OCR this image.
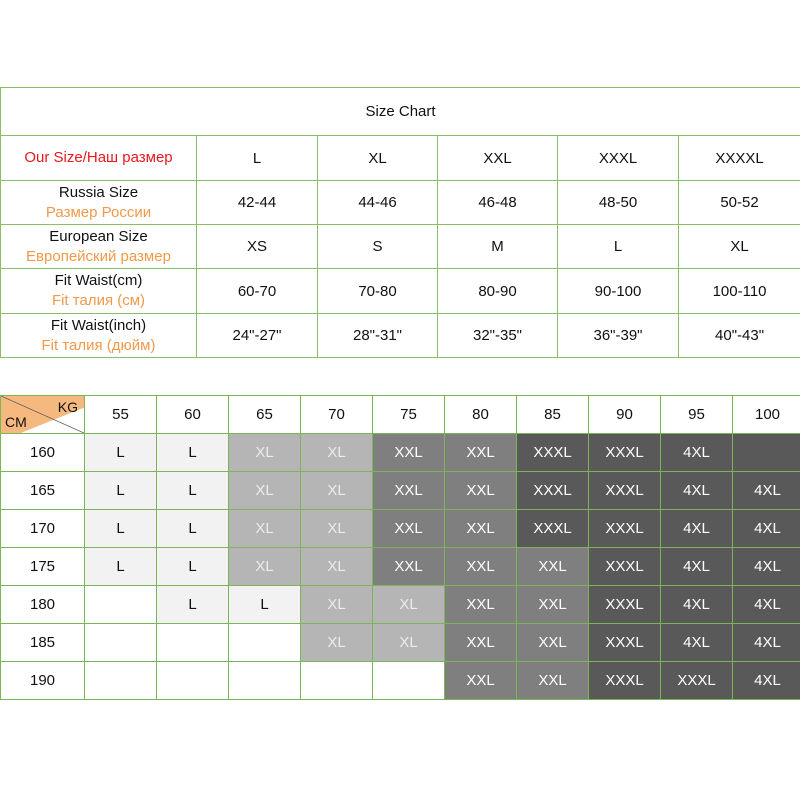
Size Chart					

Our Size/Наш размер	L	XL	XXL	XXXL	XXXXL

Russia Size
Размер России	42-44	44-46	46-48	48-50	50-52

European Size
Европейский размер	XS	S	M	L	XL

Fit Waist(cm)
Fit талия (см)	60-70	70-80	80-90	90-100	100-110

Fit Waist(inch)
Fit талия (дюйм)	24"-27"	28"-31"	32"-35"	36"-39"	40"-43"
KG
CM	55	60	65	70	75	80	85	90	95	100
160	L	L	XL	XL	XXL	XXL	XXXL	XXXL	4XL	
165	L	L	XL	XL	XXL	XXL	XXXL	XXXL	4XL	4XL
170	L	L	XL	XL	XXL	XXL	XXXL	XXXL	4XL	4XL
175	L	L	XL	XL	XXL	XXL	XXL	XXXL	4XL	4XL
180		L	L	XL	XL	XXL	XXL	XXXL	4XL	4XL
185				XL	XL	XXL	XXL	XXXL	4XL	4XL
190						XXL	XXL	XXXL	XXXL	4XL
